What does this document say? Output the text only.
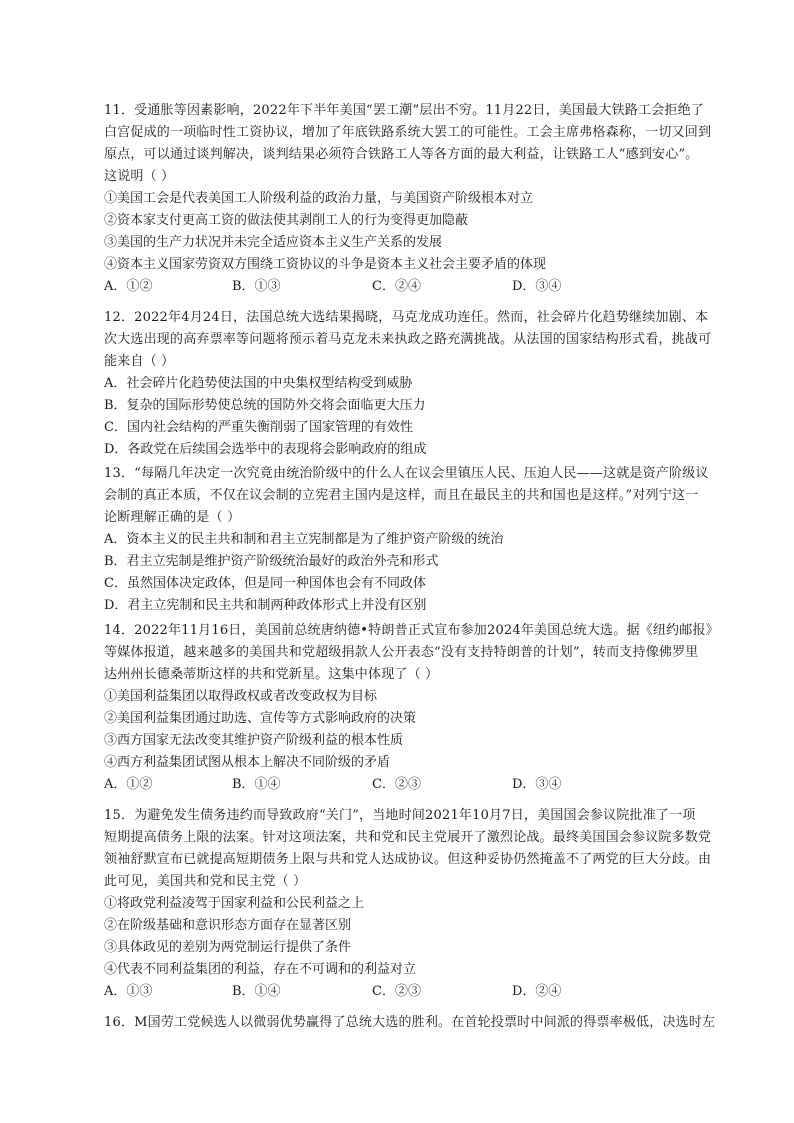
11．受通胀等因素影响，2022年下半年美国“罢工潮”层出不穷。11月22日，美国最大铁路工会拒绝了
白宫促成的一项临时性工资协议，增加了年底铁路系统大罢工的可能性。工会主席弗格森称，一切又回到
原点，可以通过谈判解决，谈判结果必须符合铁路工人等各方面的最大利益，让铁路工人“感到安心”。
这说明（ ）
①美国工会是代表美国工人阶级利益的政治力量，与美国资产阶级根本对立
②资本家支付更高工资的做法使其剥削工人的行为变得更加隐蔽
③美国的生产力状况并未完全适应资本主义生产关系的发展
④资本主义国家劳资双方围绕工资协议的斗争是资本主义社会主要矛盾的体现
A．①②	B．①③	C．②④	D．③④
12．2022年4月24日，法国总统大选结果揭晓，马克龙成功连任。然而，社会碎片化趋势继续加剧、本
次大选出现的高弃票率等问题将预示着马克龙未来执政之路充满挑战。从法国的国家结构形式看，挑战可
能来自（ ）
A．社会碎片化趋势使法国的中央集权型结构受到威胁
B．复杂的国际形势使总统的国防外交将会面临更大压力
C．国内社会结构的严重失衡削弱了国家管理的有效性
D．各政党在后续国会选举中的表现将会影响政府的组成
13．“每隔几年决定一次究竟由统治阶级中的什么人在议会里镇压人民、压迫人民——这就是资产阶级议
会制的真正本质，不仅在议会制的立宪君主国内是这样，而且在最民主的共和国也是这样。”对列宁这一
论断理解正确的是（ ）
A．资本主义的民主共和制和君主立宪制都是为了维护资产阶级的统治
B．君主立宪制是维护资产阶级统治最好的政治外壳和形式
C．虽然国体决定政体，但是同一种国体也会有不同政体
D．君主立宪制和民主共和制两种政体形式上并没有区别
14．2022年11月16日，美国前总统唐纳德•特朗普正式宣布参加2024年美国总统大选。据《纽约邮报》
等媒体报道，越来越多的美国共和党超级捐款人公开表态“没有支持特朗普的计划”，转而支持像佛罗里
达州州长德桑蒂斯这样的共和党新星。这集中体现了（ ）
①美国利益集团以取得政权或者改变政权为目标
②美国利益集团通过助选、宣传等方式影响政府的决策
③西方国家无法改变其维护资产阶级利益的根本性质
④西方利益集团试图从根本上解决不同阶级的矛盾
A．①②	B．①④	C．②③	D．③④
15．为避免发生债务违约而导致政府“关门”，当地时间2021年10月7日，美国国会参议院批准了一项
短期提高债务上限的法案。针对这项法案，共和党和民主党展开了激烈论战。最终美国国会参议院多数党
领袖舒默宣布已就提高短期债务上限与共和党人达成协议。但这种妥协仍然掩盖不了两党的巨大分歧。由
此可见，美国共和党和民主党（ ）
①将政党利益凌驾于国家利益和公民利益之上
②在阶级基础和意识形态方面存在显著区别
③具体政见的差别为两党制运行提供了条件
④代表不同利益集团的利益，存在不可调和的利益对立
A．①③	B．①④	C．②③	D．②④
16．M国劳工党候选人以微弱优势赢得了总统大选的胜利。在首轮投票时中间派的得票率极低，决选时左
